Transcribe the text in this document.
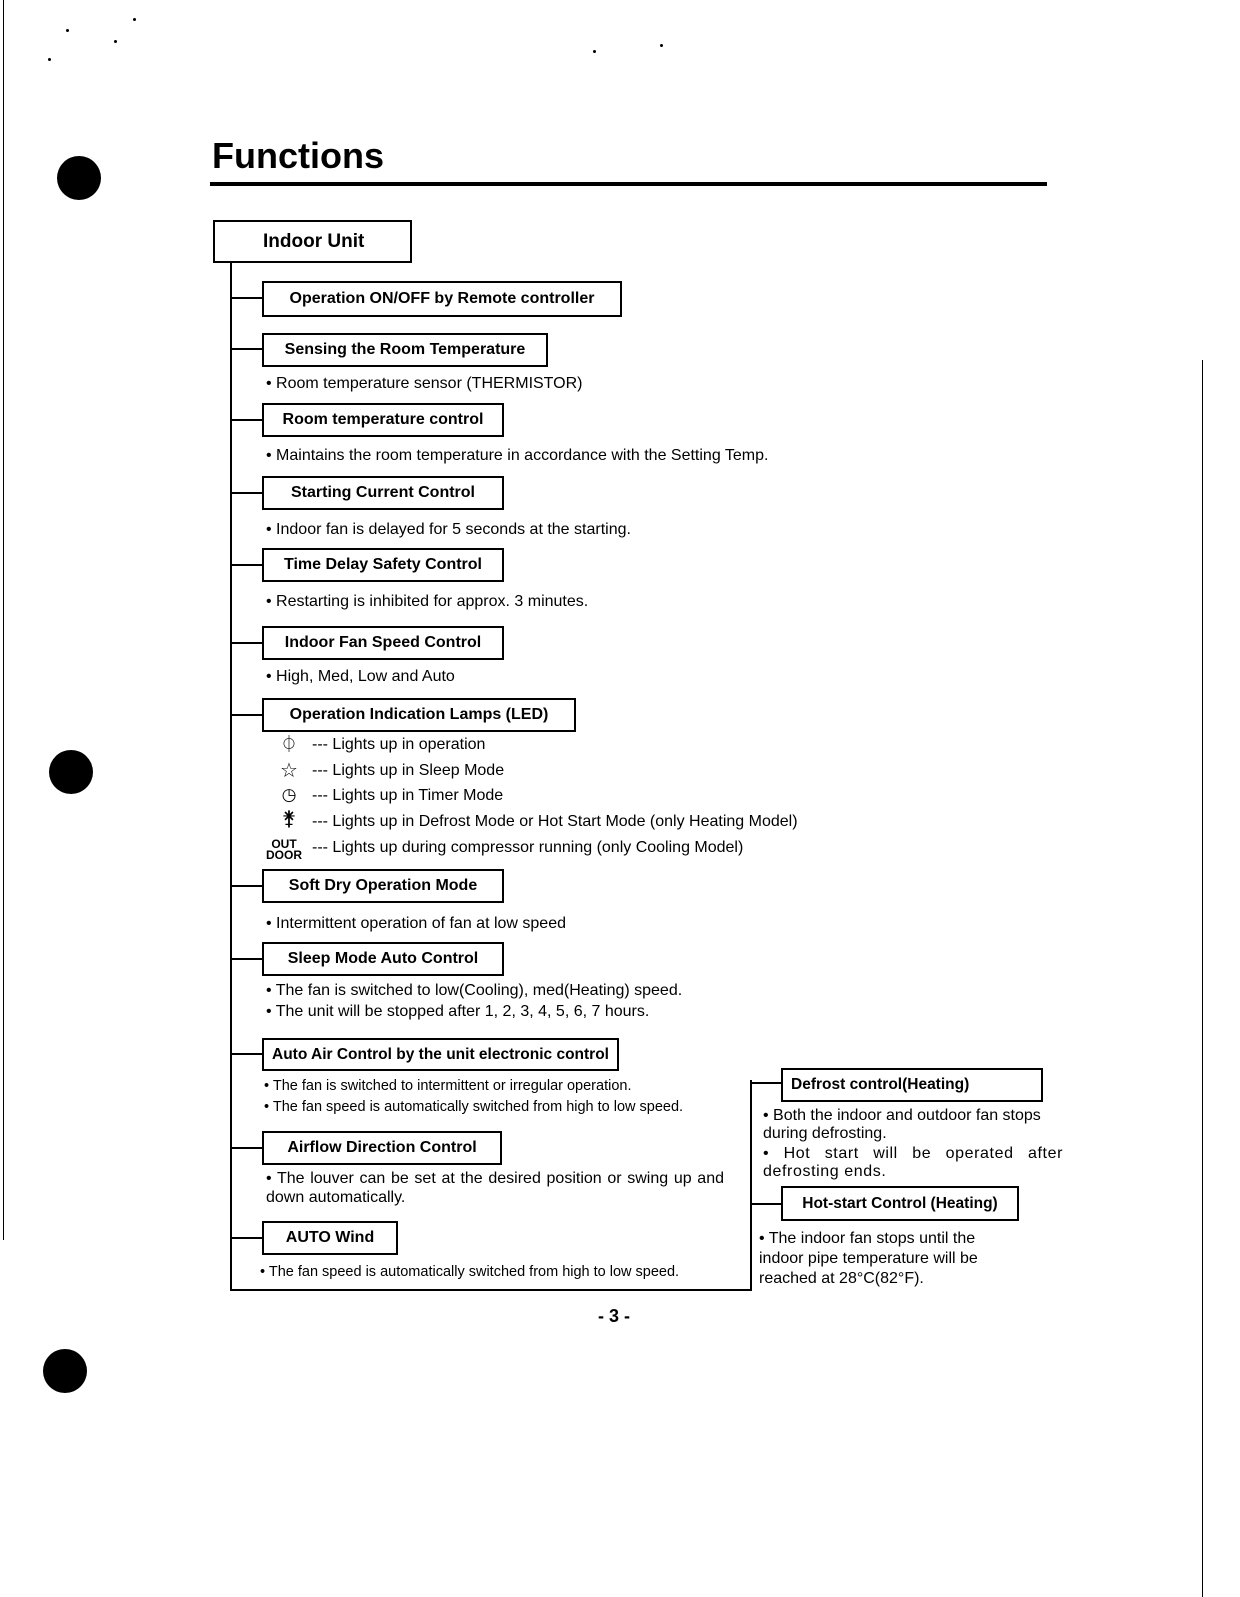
Functions
Indoor Unit
Operation ON/OFF by Remote controller
Sensing the Room Temperature
• Room temperature sensor (THERMISTOR)
Room temperature control
• Maintains the room temperature in accordance with the Setting Temp.
Starting Current Control
• Indoor fan is delayed for 5 seconds at the starting.
Time Delay Safety Control
• Restarting is inhibited for approx. 3 minutes.
Indoor Fan Speed Control
• High, Med, Low and Auto
Operation Indication Lamps (LED)
⏀ --- Lights up in operation
☆ --- Lights up in Sleep Mode
◷ --- Lights up in Timer Mode
⚵ --- Lights up in Defrost Mode or Hot Start Mode (only Heating Model)
OUT
DOOR --- Lights up during compressor running (only Cooling Model)
Soft Dry Operation Mode
• Intermittent operation of fan at low speed
Sleep Mode Auto Control
• The fan is switched to low(Cooling), med(Heating) speed.
• The unit will be stopped after 1, 2, 3, 4, 5, 6, 7 hours.
Auto Air Control by the unit electronic control
• The fan is switched to intermittent or irregular operation.
• The fan speed is automatically switched from high to low speed.
Airflow Direction Control
• The louver can be set at the desired position or swing up and down automatically.
AUTO Wind
• The fan speed is automatically switched from high to low speed.
Defrost control(Heating)
• Both the indoor and outdoor fan stops during defrosting.
• Hot start will be operated after defrosting ends.
Hot-start Control (Heating)
• The indoor fan stops until the indoor pipe temperature will be reached at 28°C(82°F).
- 3 -
